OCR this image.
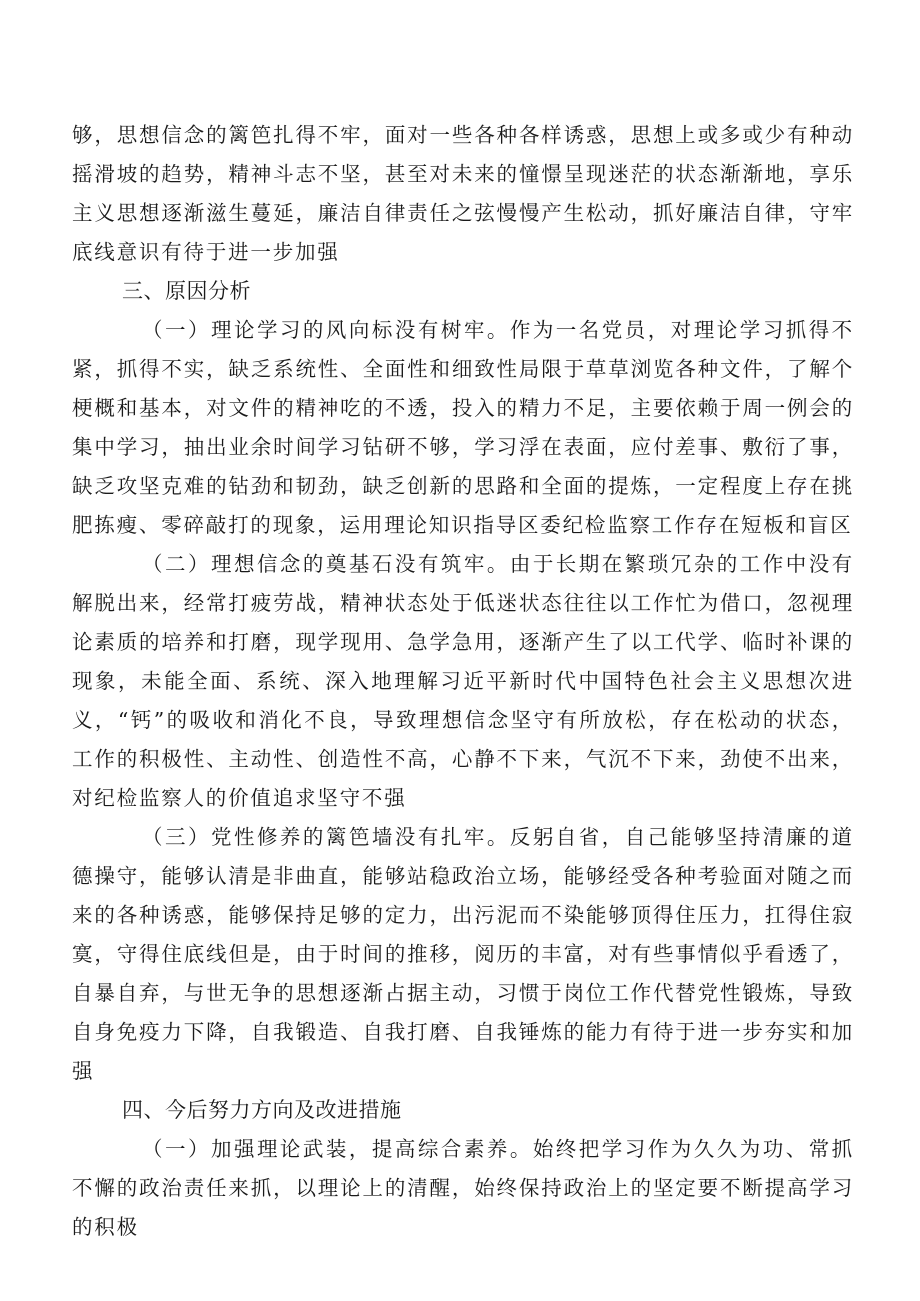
够，思想信念的篱笆扎得不牢，面对一些各种各样诱惑，思想上或多或少有种动摇滑坡的趋势，精神斗志不坚，甚至对未来的憧憬呈现迷茫的状态渐渐地，享乐主义思想逐渐滋生蔓延，廉洁自律责任之弦慢慢产生松动，抓好廉洁自律，守牢底线意识有待于进一步加强

三、原因分析

（一）理论学习的风向标没有树牢。作为一名党员，对理论学习抓得不紧，抓得不实，缺乏系统性、全面性和细致性局限于草草浏览各种文件，了解个梗概和基本，对文件的精神吃的不透，投入的精力不足，主要依赖于周一例会的集中学习，抽出业余时间学习钻研不够，学习浮在表面，应付差事、敷衍了事，缺乏攻坚克难的钻劲和韧劲，缺乏创新的思路和全面的提炼，一定程度上存在挑肥拣瘦、零碎敲打的现象，运用理论知识指导区委纪检监察工作存在短板和盲区

（二）理想信念的奠基石没有筑牢。由于长期在繁琐冗杂的工作中没有解脱出来，经常打疲劳战，精神状态处于低迷状态往往以工作忙为借口，忽视理论素质的培养和打磨，现学现用、急学急用，逐渐产生了以工代学、临时补课的现象，未能全面、系统、深入地理解习近平新时代中国特色社会主义思想次进义，“钙”的吸收和消化不良，导致理想信念坚守有所放松，存在松动的状态，工作的积极性、主动性、创造性不高，心静不下来，气沉不下来，劲使不出来，对纪检监察人的价值追求坚守不强

（三）党性修养的篱笆墙没有扎牢。反躬自省，自己能够坚持清廉的道德操守，能够认清是非曲直，能够站稳政治立场，能够经受各种考验面对随之而来的各种诱惑，能够保持足够的定力，出污泥而不染能够顶得住压力，扛得住寂寞，守得住底线但是，由于时间的推移，阅历的丰富，对有些事情似乎看透了，自暴自弃，与世无争的思想逐渐占据主动，习惯于岗位工作代替党性锻炼，导致自身免疫力下降，自我锻造、自我打磨、自我锤炼的能力有待于进一步夯实和加强

四、今后努力方向及改进措施

（一）加强理论武装，提高综合素养。始终把学习作为久久为功、常抓不懈的政治责任来抓，以理论上的清醒，始终保持政治上的坚定要不断提高学习的积极
